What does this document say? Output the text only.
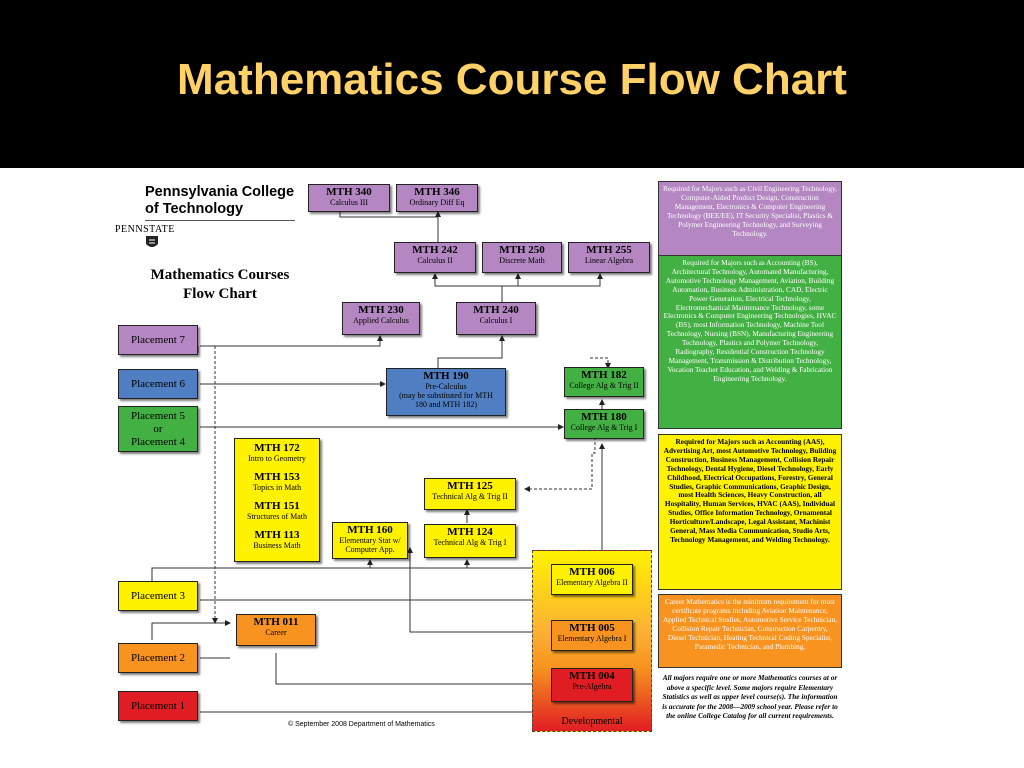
Mathematics Course Flow Chart
Pennsylvania College
of Technology
PENNSTATE
Mathematics Courses
Flow Chart
MTH 340
Calculus III
MTH 346
Ordinary Diff Eq
MTH 242
Calculus II
MTH 250
Discrete Math
MTH 255
Linear Algebra
MTH 230
Applied Calculus
MTH 240
Calculus I
MTH 190
Pre-Calculus
(may be substituted for MTH 180 and MTH 182)
MTH 182
College Alg & Trig II
MTH 180
College Alg & Trig I
MTH 172
Intro to Geometry
MTH 153
Topics in Math
MTH 151
Structures of Math
MTH 113
Business Math
MTH 125
Technical Alg & Trig II
MTH 160
Elementary Stat w/ Computer App.
MTH 124
Technical Alg & Trig I
Developmental
MTH 006
Elementary Algebra II
MTH 005
Elementary Algebra I
MTH 004
Pre-Algebra
MTH 011
Career
Placement 7
Placement 6
Placement 5
or
Placement 4
Placement 3
Placement 2
Placement 1
Required for Majors such as Civil Engineering Technology, Computer-Aided Product Design, Construction Management, Electronics & Computer Engineering Technology (BEE/EE), IT Security Specialist, Plastics & Polymer Engineering Technology, and Surveying Technology.
Required for Majors such as Accounting (BS), Architectural Technology, Automated Manufacturing, Automotive Technology Management, Aviation, Building Automation, Business Administration, CAD, Electric Power Generation, Electrical Technology, Electromechanical Maintenance Technology, some Electronics & Computer Engineering Technologies, HVAC (BS), most Information Technology, Machine Tool Technology, Nursing (BSN), Manufacturing Engineering Technology, Plastics and Polymer Technology, Radiography, Residential Construction Technology Management, Transmission & Distribution Technology, Vocation Teacher Education, and Welding & Fabrication Engineering Technology.
Required for Majors such as Accounting (AAS), Advertising Art, most Automotive Technology, Building Construction, Business Management, Collision Repair Technology, Dental Hygiene, Diesel Technology, Early Childhood, Electrical Occupations, Forestry, General Studies, Graphic Communications, Graphic Design, most Health Sciences, Heavy Construction, all Hospitality, Human Services, HVAC (AAS), Individual Studies, Office Information Technology, Ornamental Horticulture/Landscape, Legal Assistant, Machinist General, Mass Media Communication, Studio Arts, Technology Management, and Welding Technology.
Career Mathematics is the minimum requirement for most certificate programs including Aviation Maintenance, Applied Technical Studies, Automotive Service Technician, Collision Repair Technician, Construction Carpentry, Diesel Technician, Heating Technical Coding Specialist, Paramedic Technician, and Plumbing.
All majors require one or more Mathematics courses at or above a specific level. Some majors require Elementary Statistics as well as upper level course(s). The information is accurate for the 2008—2009 school year. Please refer to the online College Catalog for all current requirements.
© September 2008 Department of Mathematics
